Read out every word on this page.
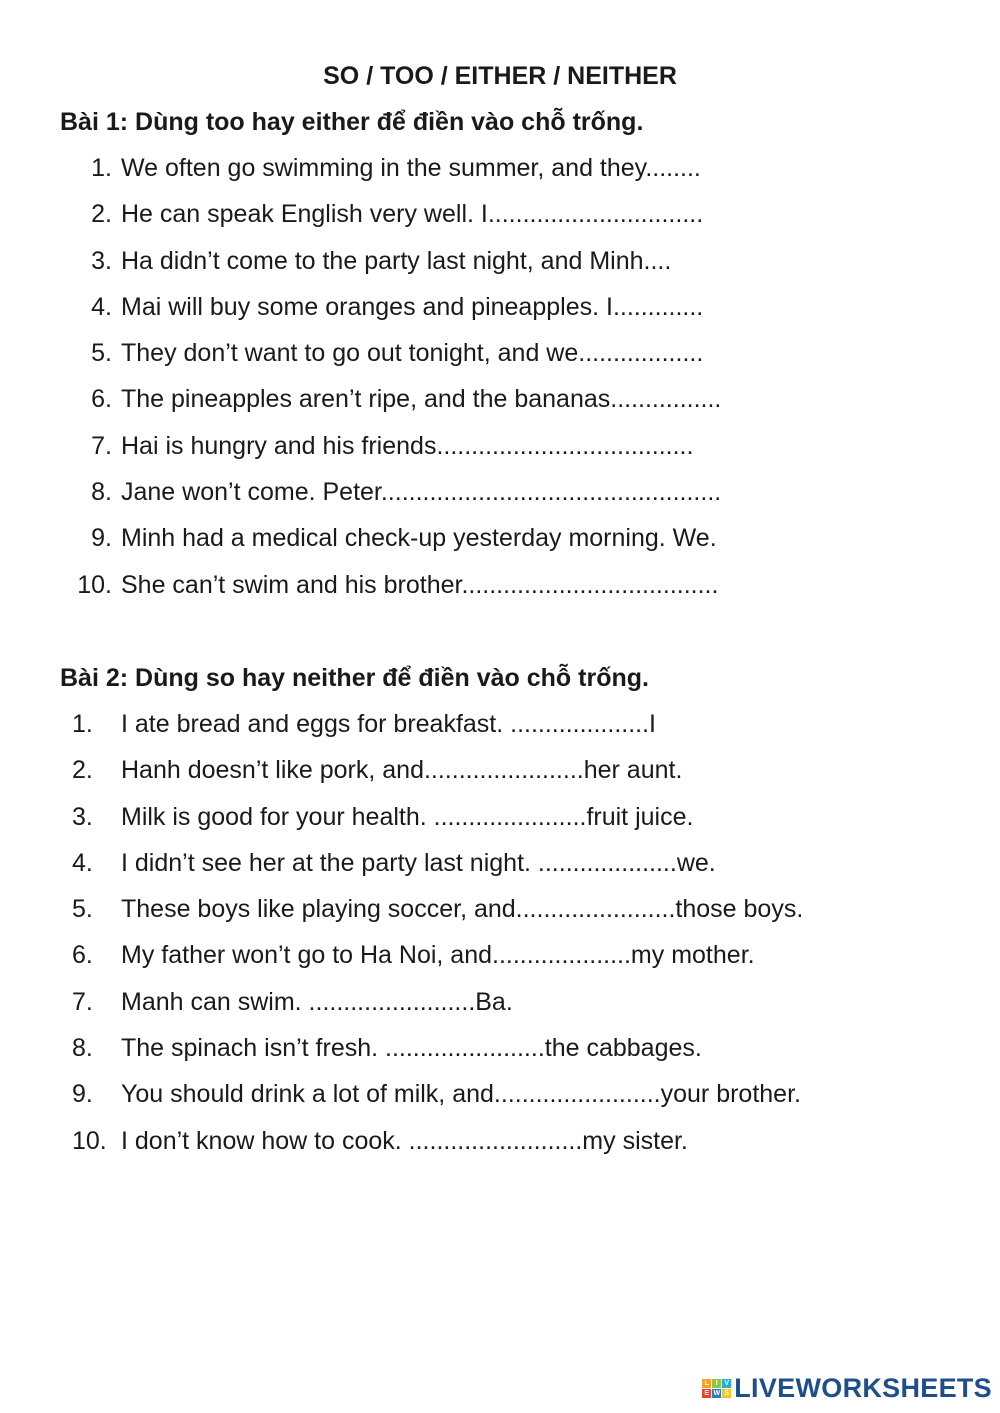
SO / TOO / EITHER / NEITHER
Bài 1: Dùng too hay either để điền vào chỗ trống.
1. We often go swimming in the summer, and they........
2. He can speak English very well. I...............................
3. Ha didn’t come to the party last night, and Minh....
4. Mai will buy some oranges and pineapples. I.............
5. They don’t want to go out tonight, and we..................
6. The pineapples aren’t ripe, and the bananas................
7. Hai is hungry and his friends.....................................
8. Jane won’t come. Peter.................................................
9. Minh had a medical check-up yesterday morning. We.
10. She can’t swim and his brother.....................................
Bài 2: Dùng so hay neither để điền vào chỗ trống.
1. I ate bread and eggs for breakfast. ....................I
2. Hanh doesn’t like pork, and.......................her aunt.
3. Milk is good for your health. ......................fruit juice.
4. I didn’t see her at the party last night. ....................we.
5. These boys like playing soccer, and.......................those boys.
6. My father won’t go to Ha Noi, and....................my mother.
7. Manh can swim. ........................Ba.
8. The spinach isn’t fresh. .......................the cabbages.
9. You should drink a lot of milk, and........................your brother.
10. I don’t know how to cook. .........................my sister.
L I V
E W S LIVEWORKSHEETS
